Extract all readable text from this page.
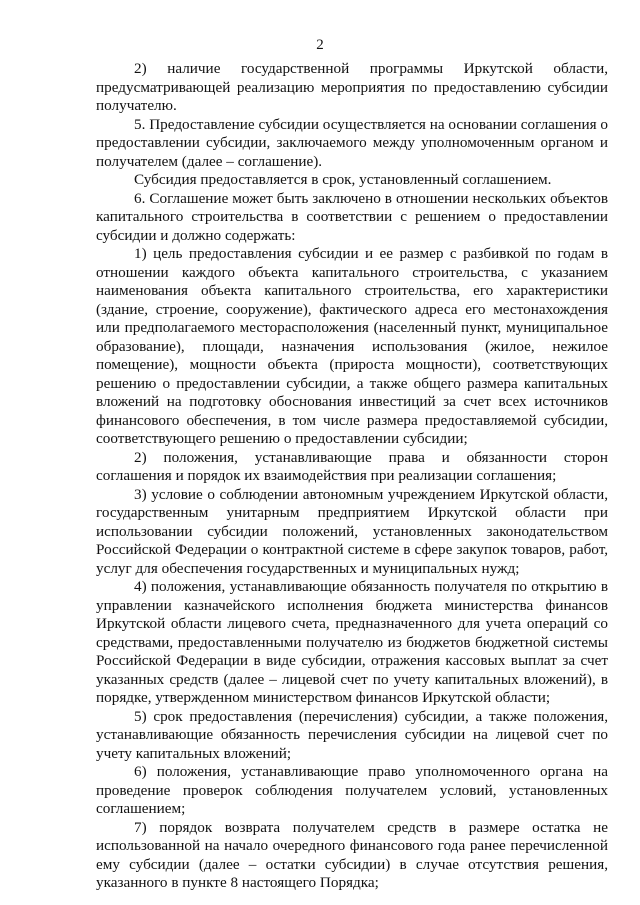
2

2) наличие государственной программы Иркутской области, предусматривающей реализацию мероприятия по предоставлению субсидии получателю.

5. Предоставление субсидии осуществляется на основании соглашения о предоставлении субсидии, заключаемого между уполномоченным органом и получателем (далее – соглашение).

Субсидия предоставляется в срок, установленный соглашением.

6. Соглашение может быть заключено в отношении нескольких объектов капитального строительства в соответствии с решением о предоставлении субсидии и должно содержать:

1) цель предоставления субсидии и ее размер с разбивкой по годам в отношении каждого объекта капитального строительства, с указанием наименования объекта капитального строительства, его характеристики (здание, строение, сооружение), фактического адреса его местонахождения или предполагаемого месторасположения (населенный пункт, муниципальное образование), площади, назначения использования (жилое, нежилое помещение), мощности объекта (прироста мощности), соответствующих решению о предоставлении субсидии, а также общего размера капитальных вложений на подготовку обоснования инвестиций за счет всех источников финансового обеспечения, в том числе размера предоставляемой субсидии, соответствующего решению о предоставлении субсидии;

2) положения, устанавливающие права и обязанности сторон соглашения и порядок их взаимодействия при реализации соглашения;

3) условие о соблюдении автономным учреждением Иркутской области, государственным унитарным предприятием Иркутской области при использовании субсидии положений, установленных законодательством Российской Федерации о контрактной системе в сфере закупок товаров, работ, услуг для обеспечения государственных и муниципальных нужд;

4) положения, устанавливающие обязанность получателя по открытию в управлении казначейского исполнения бюджета министерства финансов Иркутской области лицевого счета, предназначенного для учета операций со средствами, предоставленными получателю из бюджетов бюджетной системы Российской Федерации в виде субсидии, отражения кассовых выплат за счет указанных средств (далее – лицевой счет по учету капитальных вложений), в порядке, утвержденном министерством финансов Иркутской области;

5) срок предоставления (перечисления) субсидии, а также положения, устанавливающие обязанность перечисления субсидии на лицевой счет по учету капитальных вложений;

6) положения, устанавливающие право уполномоченного органа на проведение проверок соблюдения получателем условий, установленных соглашением;

7) порядок возврата получателем средств в размере остатка не использованной на начало очередного финансового года ранее перечисленной ему субсидии (далее – остатки субсидии) в случае отсутствия решения, указанного в пункте 8 настоящего Порядка;
